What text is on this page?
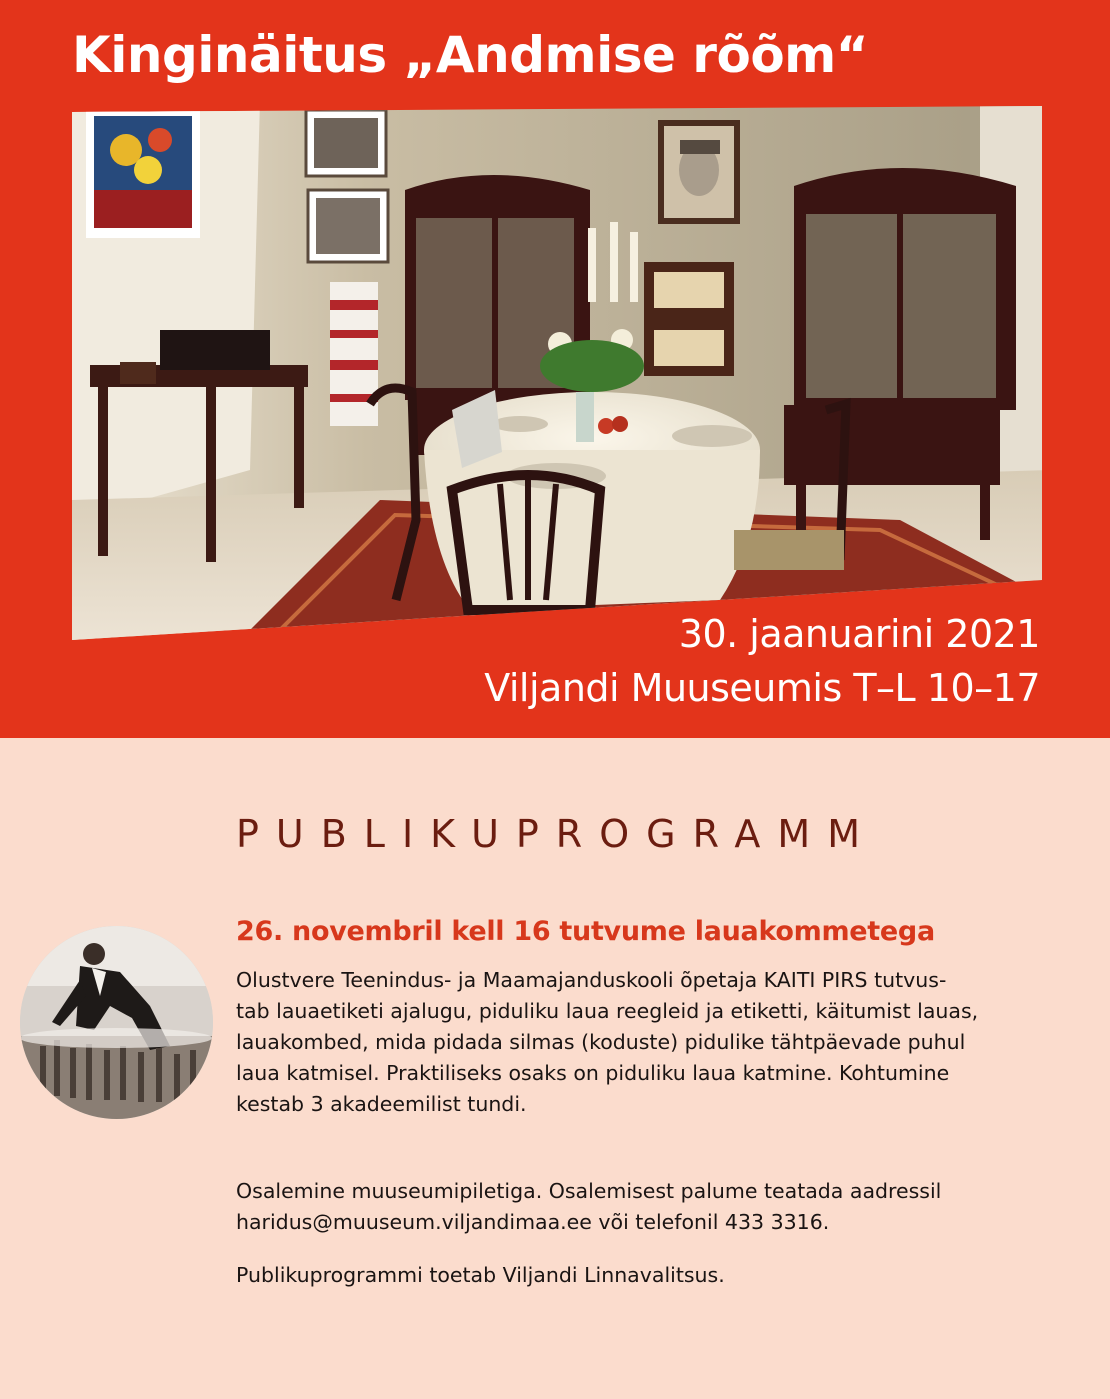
Kinginäitus „Andmise rõõm“
30. jaanuarini 2021
Viljandi Muuseumis T–L 10–17
PUBLIKUPROGRAMM
26. novembril kell 16 tutvume lauakommetega

Olustvere Teenindus- ja Maamajanduskooli õpetaja KAITI PIRS tutvus-
tab lauaetiketi ajalugu, piduliku laua reegleid ja etiketti, käitumist lauas,
lauakombed, mida pidada silmas (koduste) pidulike tähtpäevade puhul
laua katmisel. Praktiliseks osaks on piduliku laua katmine. Kohtumine
kestab 3 akadeemilist tundi.

Osalemine muuseumipiletiga. Osalemisest palume teatada aadressil
haridus@muuseum.viljandimaa.ee või telefonil 433 3316.

Publikuprogrammi toetab Viljandi Linnavalitsus.
